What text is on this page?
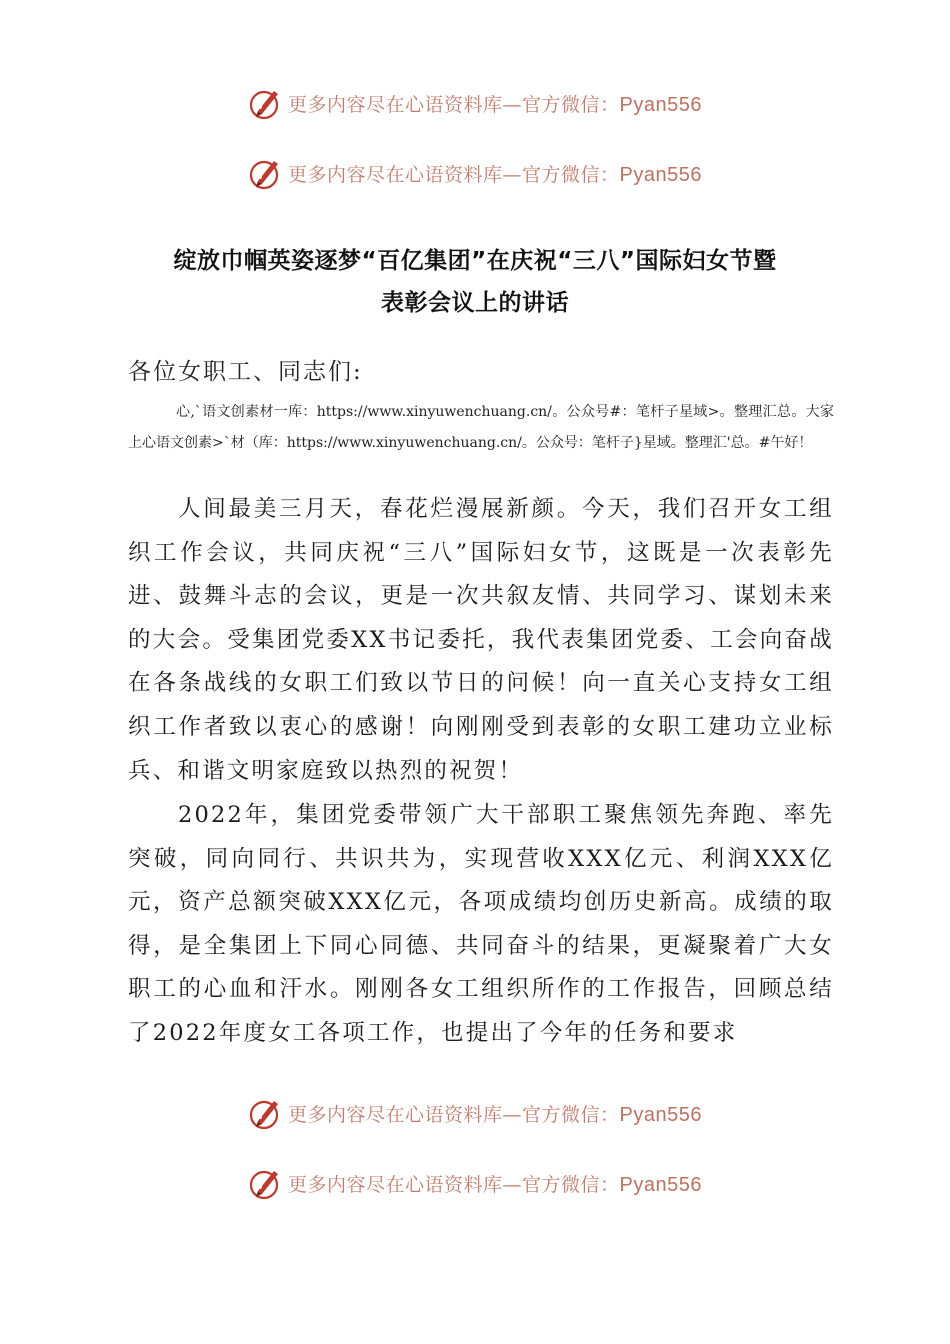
更多内容尽在心语资料库—官方微信：Pyan556
更多内容尽在心语资料库—官方微信：Pyan556
绽放巾帼英姿逐梦“百亿集团”在庆祝“三八”国际妇女节暨
表彰会议上的讲话
各位女职工、同志们:
心,`语文创素材一库：https://www.xinyuwenchuang.cn/。公众号#：笔杆子星域>。整理汇总。大家上心语文创素>`材（库：https://www.xinyuwenchuang.cn/。公众号：笔杆子}星域。整理汇'总。#午好！

人间最美三月天，春花烂漫展新颜。今天，我们召开女工组织工作会议，共同庆祝“三八”国际妇女节，这既是一次表彰先进、鼓舞斗志的会议，更是一次共叙友情、共同学习、谋划未来的大会。受集团党委XX书记委托，我代表集团党委、工会向奋战在各条战线的女职工们致以节日的问候！向一直关心支持女工组织工作者致以衷心的感谢！向刚刚受到表彰的女职工建功立业标兵、和谐文明家庭致以热烈的祝贺！

2022年，集团党委带领广大干部职工聚焦领先奔跑、率先突破，同向同行、共识共为，实现营收XXX亿元、利润XXX亿元，资产总额突破XXX亿元，各项成绩均创历史新高。成绩的取得，是全集团上下同心同德、共同奋斗的结果，更凝聚着广大女职工的心血和汗水。刚刚各女工组织所作的工作报告，回顾总结了2022年度女工各项工作，也提出了今年的任务和要求

更多内容尽在心语资料库—官方微信：Pyan556
更多内容尽在心语资料库—官方微信：Pyan556
